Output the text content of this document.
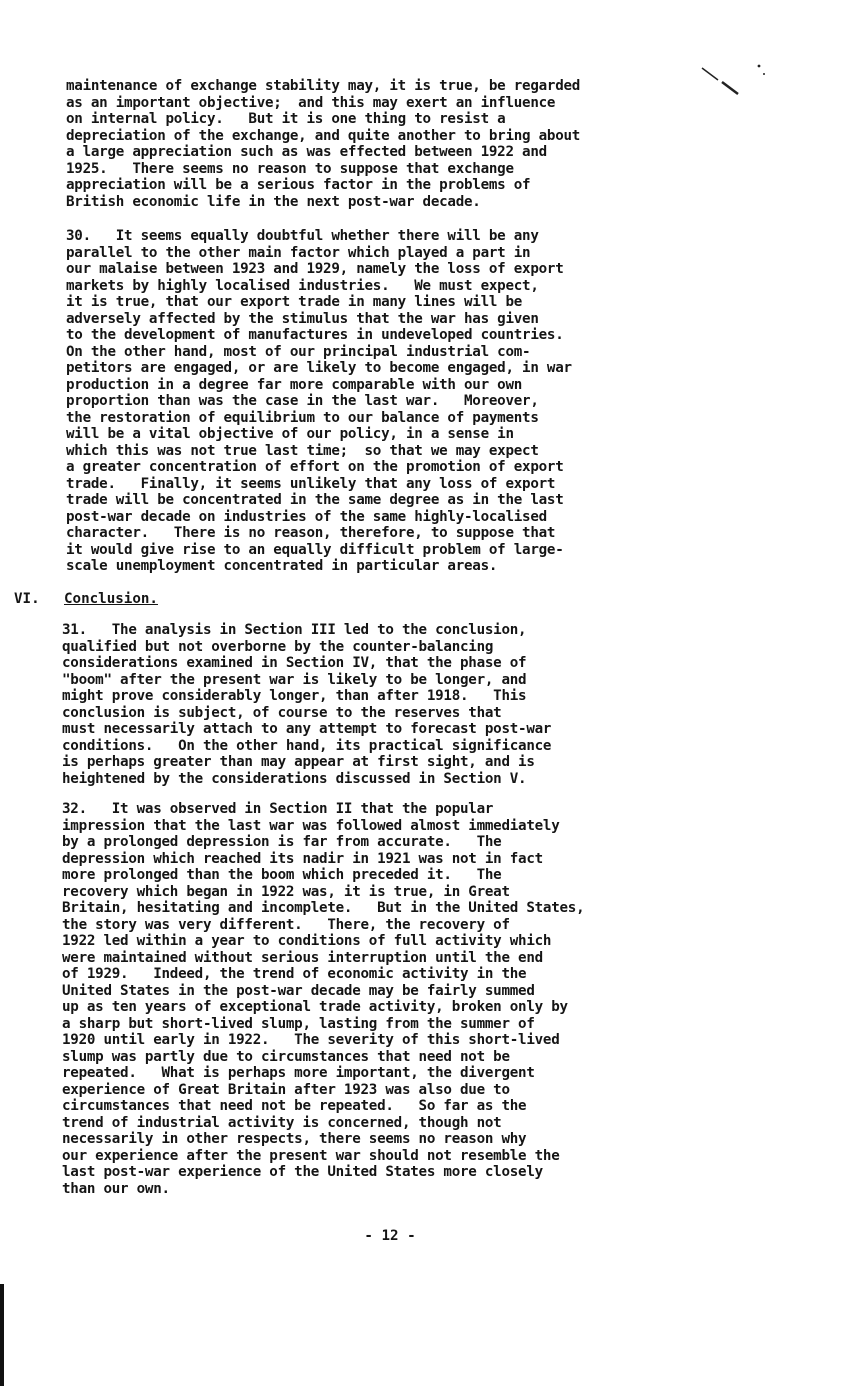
maintenance of exchange stability may, it is true, be regarded
as an important objective;  and this may exert an influence
on internal policy.   But it is one thing to resist a
depreciation of the exchange, and quite another to bring about
a large appreciation such as was effected between 1922 and
1925.   There seems no reason to suppose that exchange
appreciation will be a serious factor in the problems of
British economic life in the next post-war decade.
30.   It seems equally doubtful whether there will be any
parallel to the other main factor which played a part in
our malaise between 1923 and 1929, namely the loss of export
markets by highly localised industries.   We must expect,
it is true, that our export trade in many lines will be
adversely affected by the stimulus that the war has given
to the development of manufactures in undeveloped countries.
On the other hand, most of our principal industrial com-
petitors are engaged, or are likely to become engaged, in war
production in a degree far more comparable with our own
proportion than was the case in the last war.   Moreover,
the restoration of equilibrium to our balance of payments
will be a vital objective of our policy, in a sense in
which this was not true last time;  so that we may expect
a greater concentration of effort on the promotion of export
trade.   Finally, it seems unlikely that any loss of export
trade will be concentrated in the same degree as in the last
post-war decade on industries of the same highly-localised
character.   There is no reason, therefore, to suppose that
it would give rise to an equally difficult problem of large-
scale unemployment concentrated in particular areas.
VI. Conclusion.
31.   The analysis in Section III led to the conclusion,
qualified but not overborne by the counter-balancing
considerations examined in Section IV, that the phase of
"boom" after the present war is likely to be longer, and
might prove considerably longer, than after 1918.   This
conclusion is subject, of course to the reserves that
must necessarily attach to any attempt to forecast post-war
conditions.   On the other hand, its practical significance
is perhaps greater than may appear at first sight, and is
heightened by the considerations discussed in Section V.
32.   It was observed in Section II that the popular
impression that the last war was followed almost immediately
by a prolonged depression is far from accurate.   The
depression which reached its nadir in 1921 was not in fact
more prolonged than the boom which preceded it.   The
recovery which began in 1922 was, it is true, in Great
Britain, hesitating and incomplete.   But in the United States,
the story was very different.   There, the recovery of
1922 led within a year to conditions of full activity which
were maintained without serious interruption until the end
of 1929.   Indeed, the trend of economic activity in the
United States in the post-war decade may be fairly summed
up as ten years of exceptional trade activity, broken only by
a sharp but short-lived slump, lasting from the summer of
1920 until early in 1922.   The severity of this short-lived
slump was partly due to circumstances that need not be
repeated.   What is perhaps more important, the divergent
experience of Great Britain after 1923 was also due to
circumstances that need not be repeated.   So far as the
trend of industrial activity is concerned, though not
necessarily in other respects, there seems no reason why
our experience after the present war should not resemble the
last post-war experience of the United States more closely
than our own.
- 12 -
